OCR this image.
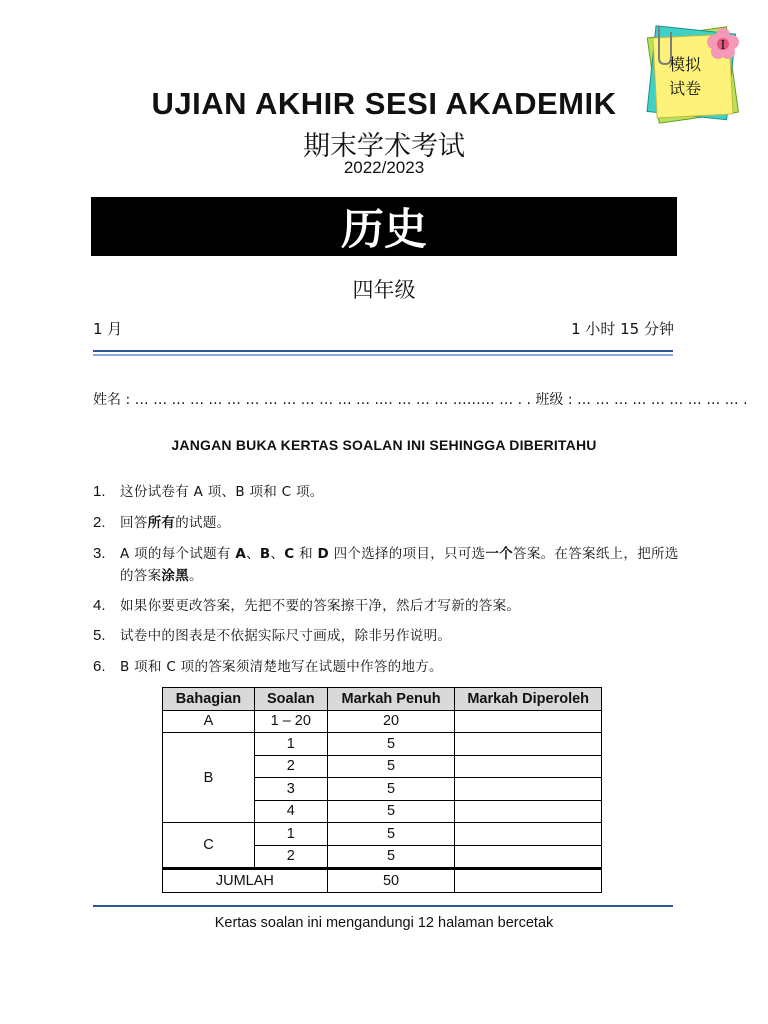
UJIAN AKHIR SESI AKADEMIK
期末学术考试
2022/2023
历史
四年级
1 月	1 小时 15 分钟
姓名 : … … … … … … … … … … … … … .… … … … ……… … . . 班级 : … … … … … … … … … .
JANGAN BUKA KERTAS SOALAN INI SEHINGGA DIBERITAHU
1.	这份试卷有 A 项、B 项和 C 项。
2.	回答所有的试题。
3.	A 项的每个试题有 A、B、C 和 D 四个选择的项目，只可选一个答案。在答案纸上，把所选的答案涂黑。
4.	如果你要更改答案，先把不要的答案擦干净，然后才写新的答案。
5.	试卷中的图表是不依据实际尺寸画成，除非另作说明。
6.	B 项和 C 项的答案须清楚地写在试题中作答的地方。
Bahagian	Soalan	Markah Penuh	Markah Diperoleh
A	1 – 20	20	
B	1	5	
	2	5	
	3	5	
	4	5	
C	1	5	
	2	5	
JUMLAH		50	
Kertas soalan ini mengandungi 12 halaman bercetak
I
模拟
试卷
